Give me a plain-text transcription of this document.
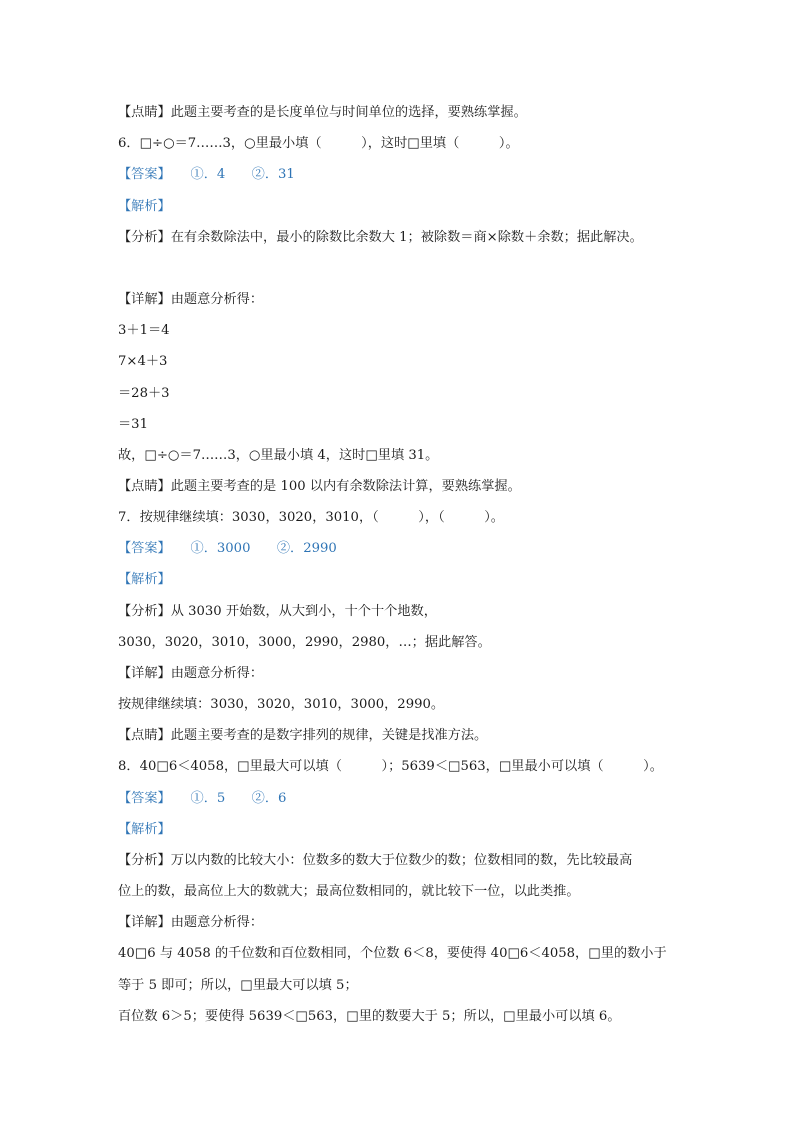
【点睛】此题主要考查的是长度单位与时间单位的选择，要熟练掌握。
6．□÷○＝7……3，○里最小填（　　　），这时□里填（　　　）。
【答案】　　①．4　　②．31
【解析】
【分析】在有余数除法中，最小的除数比余数大 1；被除数＝商×除数＋余数；据此解决。
【详解】由题意分析得：
3＋1＝4
7×4＋3
＝28＋3
＝31
故，□÷○＝7……3，○里最小填 4，这时□里填 31。
【点睛】此题主要考查的是 100 以内有余数除法计算，要熟练掌握。
7．按规律继续填：3030，3020，3010，（　　　），（　　　）。
【答案】　　①．3000　　②．2990
【解析】
【分析】从 3030 开始数，从大到小，十个十个地数，
3030，3020，3010，3000，2990，2980，…；据此解答。
【详解】由题意分析得：
按规律继续填：3030，3020，3010，3000，2990。
【点睛】此题主要考查的是数字排列的规律，关键是找准方法。
8．40□6＜4058，□里最大可以填（　　　）；5639＜□563，□里最小可以填（　　　）。
【答案】　　①．5　　②．6
【解析】
【分析】万以内数的比较大小：位数多的数大于位数少的数；位数相同的数，先比较最高
位上的数，最高位上大的数就大；最高位数相同的，就比较下一位，以此类推。
【详解】由题意分析得：
40□6 与 4058 的千位数和百位数相同，个位数 6＜8，要使得 40□6＜4058，□里的数小于
等于 5 即可；所以，□里最大可以填 5；
百位数 6＞5；要使得 5639＜□563，□里的数要大于 5；所以，□里最小可以填 6。
